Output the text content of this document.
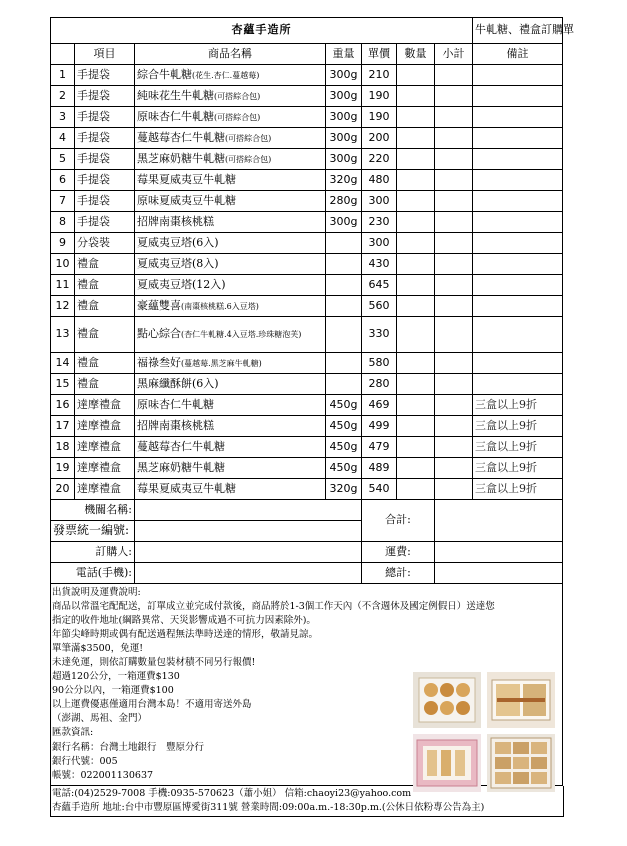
杏蘊手造所							牛軋糖、禮盒訂購單
	項目	商品名稱	重量	單價	數量	小計	備註
1	手提袋	綜合牛軋糖(花生.杏仁.蔓越莓)	300g	210			
2	手提袋	純味花生牛軋糖(可搭綜合包)	300g	190			
3	手提袋	原味杏仁牛軋糖(可搭綜合包)	300g	190			
4	手提袋	蔓越莓杏仁牛軋糖(可搭綜合包)	300g	200			
5	手提袋	黑芝麻奶糖牛軋糖(可搭綜合包)	300g	220			
6	手提袋	莓果夏威夷豆牛軋糖	320g	480			
7	手提袋	原味夏威夷豆牛軋糖	280g	300			
8	手提袋	招牌南棗核桃糕	300g	230			
9	分袋裝	夏威夷豆塔(6入)		300			
10	禮盒	夏威夷豆塔(8入)		430			
11	禮盒	夏威夷豆塔(12入)		645			
12	禮盒	豪蘊雙喜(南棗核桃糕.6入豆塔)		560			
13	禮盒	點心綜合(杏仁牛軋糖.4入豆塔.珍珠糖泡芙)		330			
14	禮盒	福祿叁好(蔓越莓.黑芝麻牛軋糖)		580			
15	禮盒	黑麻纖酥餅(6入)		280			
16	達摩禮盒	原味杏仁牛軋糖	450g	469			三盒以上9折
17	達摩禮盒	招牌南棗核桃糕	450g	499			三盒以上9折
18	達摩禮盒	蔓越莓杏仁牛軋糖	450g	479			三盒以上9折
19	達摩禮盒	黑芝麻奶糖牛軋糖	450g	489			三盒以上9折
20	達摩禮盒	莓果夏威夷豆牛軋糖	320g	540			三盒以上9折
機關名稱:				合計:			
發票統一編號:							
訂購人:				運費:			
電話(手機):				總計:			
出貨說明及運費說明:
商品以常溫宅配配送，訂單成立並完成付款後，商品將於1-3個工作天內（不含週休及國定例假日）送達您
指定的收件地址(綱路異常、天災影響成過不可抗力因素除外)。
年節尖峰時期或偶有配送過程無法準時送達的情形，敬請見諒。
單筆滿$3500，免運!
未達免運，則依訂購數量包裝材積不同另行報價!
超過120公分，一箱運費$130
90公分以內，一箱運費$100
以上運費優惠僅適用台灣本島！不適用寄送外島
（澎湖、馬祖、金門）
匯款資訊:
銀行名稱：台灣土地銀行　豐原分行
銀行代號：005
帳號：022001130637
電話:(04)2529-7008 手機:0935-570623（蕭小姐） 信箱:chaoyi23@yahoo.com
杏蘊手造所 地址:台中市豐原區博愛街311號 營業時間:09:00a.m.-18:30p.m.(公休日依粉專公告為主)
